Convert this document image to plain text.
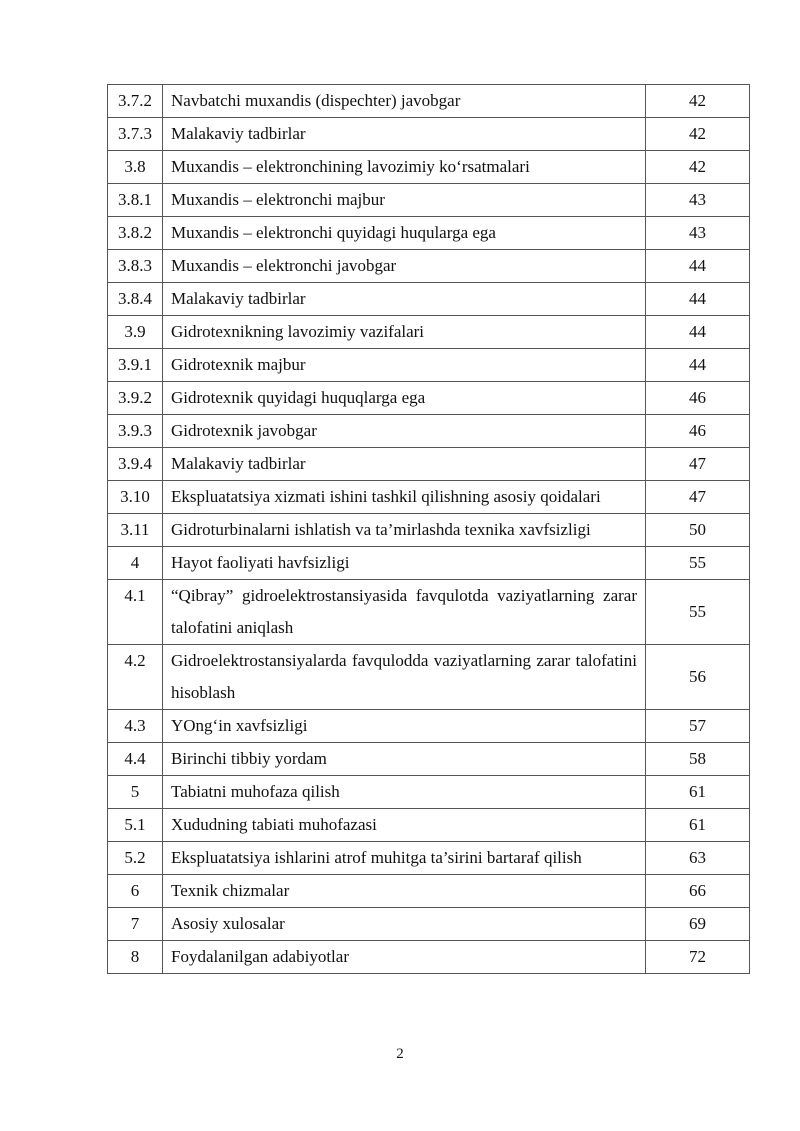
3.7.2	Navbatchi muxandis (dispechter) javobgar	42
3.7.3	Malakaviy tadbirlar	42
3.8	Muxandis – elektronchining lavozimiy koʻrsatmalari	42
3.8.1	Muxandis – elektronchi majbur	43
3.8.2	Muxandis – elektronchi quyidagi huqularga ega	43
3.8.3	Muxandis – elektronchi javobgar	44
3.8.4	Malakaviy tadbirlar	44
3.9	Gidrotexnikning lavozimiy vazifalari	44
3.9.1	Gidrotexnik majbur	44
3.9.2	Gidrotexnik quyidagi huquqlarga ega	46
3.9.3	Gidrotexnik javobgar	46
3.9.4	Malakaviy tadbirlar	47
3.10	Ekspluatatsiya xizmati ishini tashkil qilishning asosiy qoidalari	47
3.11	Gidroturbinalarni ishlatish va ta’mirlashda texnika xavfsizligi	50
4	Hayot faoliyati havfsizligi	55
4.1	“Qibray” gidroelektrostansiyasida favqulotda vaziyatlarning zarar talofatini aniqlash	55
4.2	Gidroelektrostansiyalarda favqulodda vaziyatlarning zarar talofatini hisoblash	56
4.3	YOngʻin xavfsizligi	57
4.4	Birinchi tibbiy yordam	58
5	Tabiatni muhofaza qilish	61
5.1	Xududning tabiati muhofazasi	61
5.2	Ekspluatatsiya ishlarini atrof muhitga ta’sirini bartaraf qilish	63
6	Texnik chizmalar	66
7	Asosiy xulosalar	69
8	Foydalanilgan adabiyotlar	72
2
